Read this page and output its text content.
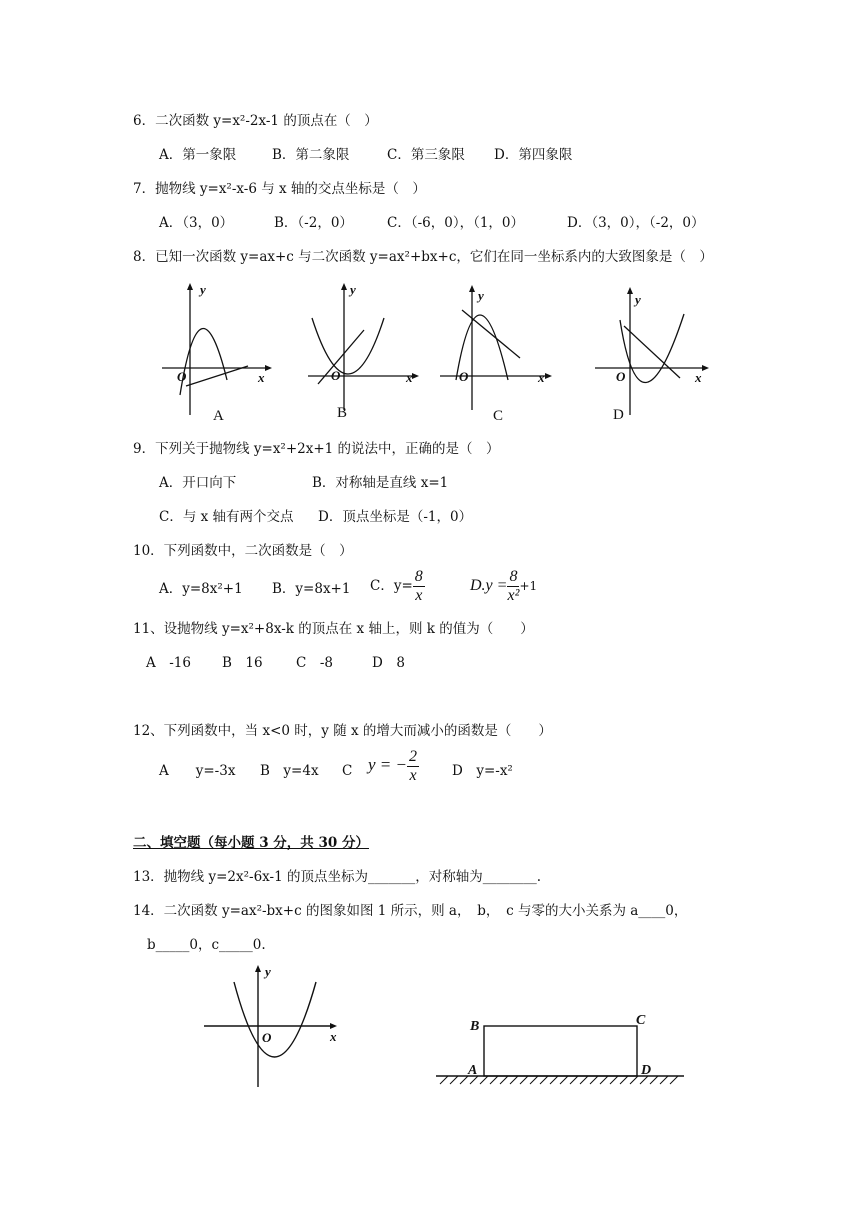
6．二次函数 y=x²-2x-1 的顶点在（　）
A．第一象限	B．第二象限	C．第三象限 D．第四象限
7．抛物线 y=x²-x-6 与 x 轴的交点坐标是（　）
A．（3，0）	B．（-2，0）	C．（-6，0），（1，0）	D．（3，0），（-2，0）
8．已知一次函数 y=ax+c 与二次函数 y=ax²+bx+c，它们在同一坐标系内的大致图象是（　）
y
x
O
y
x
O
y
x
O
y
x
O
A	B	C	D
9．下列关于抛物线 y=x²+2x+1 的说法中，正确的是（　）
A．开口向下	B．对称轴是直线 x=1
C．与 x 轴有两个交点 D．顶点坐标是（-1，0）
10．下列函数中，二次函数是（　）
A．y=8x²+1 B．y=8x+1 C．$y= \frac{8}{x}$	$D.y = \frac{8}{\text{x²}} +1$
11、设抛物线 y=x²+8x-k 的顶点在 x 轴上，则 k 的值为（　　）
A　-16 B　16 C　-8	D　8
12、下列函数中，当 x<0 时，y 随 x 的增大而减小的函数是（　　）
A　　y=-3x B　y=4x C y = − $\frac{2}{x}$ D　y=-x²
二、填空题（每小题 3 分，共 30 分）
13．抛物线 y=2x²-6x-1 的顶点坐标为_______，对称轴为________.
14．二次函数 y=ax²-bx+c 的图象如图 1 所示，则 a，　b，　c 与零的大小关系为 a____0，
b_____0，c_____0.
y
x
O
A
B	C
D
